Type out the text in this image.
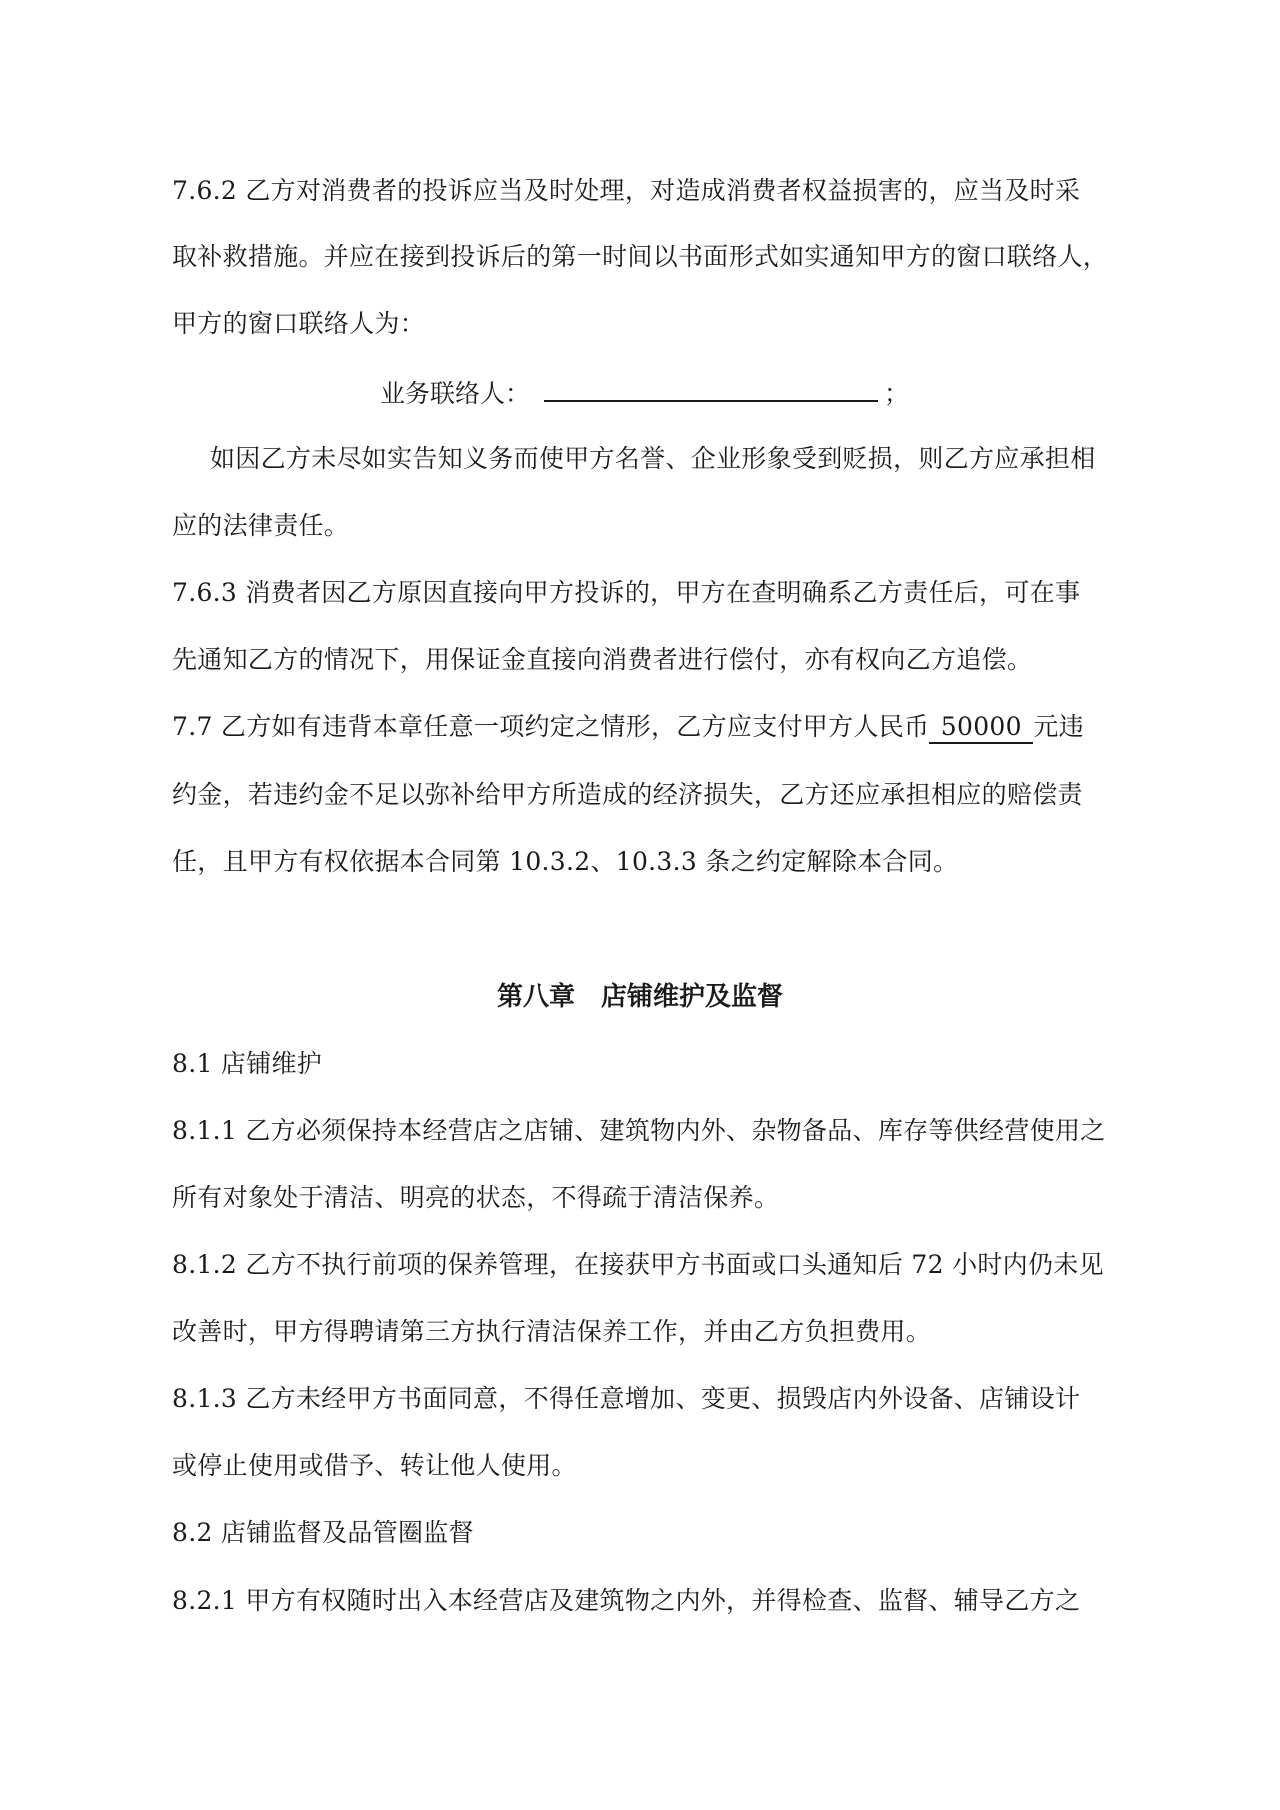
7.6.2 乙方对消费者的投诉应当及时处理，对造成消费者权益损害的，应当及时采
取补救措施。并应在接到投诉后的第一时间以书面形式如实通知甲方的窗口联络人，
甲方的窗口联络人为：
业务联络人：	；
如因乙方未尽如实告知义务而使甲方名誉、企业形象受到贬损，则乙方应承担相
应的法律责任。
7.6.3 消费者因乙方原因直接向甲方投诉的，甲方在查明确系乙方责任后，可在事
先通知乙方的情况下，用保证金直接向消费者进行偿付，亦有权向乙方追偿。
7.7 乙方如有违背本章任意一项约定之情形，乙方应支付甲方人民币 50000 元违
约金，若违约金不足以弥补给甲方所造成的经济损失，乙方还应承担相应的赔偿责
任，且甲方有权依据本合同第 10.3.2、10.3.3 条之约定解除本合同。
第八章 店铺维护及监督
8.1 店铺维护
8.1.1 乙方必须保持本经营店之店铺、建筑物内外、杂物备品、库存等供经营使用之
所有对象处于清洁、明亮的状态，不得疏于清洁保养。
8.1.2 乙方不执行前项的保养管理，在接获甲方书面或口头通知后 72 小时内仍未见
改善时，甲方得聘请第三方执行清洁保养工作，并由乙方负担费用。
8.1.3 乙方未经甲方书面同意，不得任意增加、变更、损毁店内外设备、店铺设计
或停止使用或借予、转让他人使用。
8.2 店铺监督及品管圈监督
8.2.1 甲方有权随时出入本经营店及建筑物之内外，并得检查、监督、辅导乙方之
